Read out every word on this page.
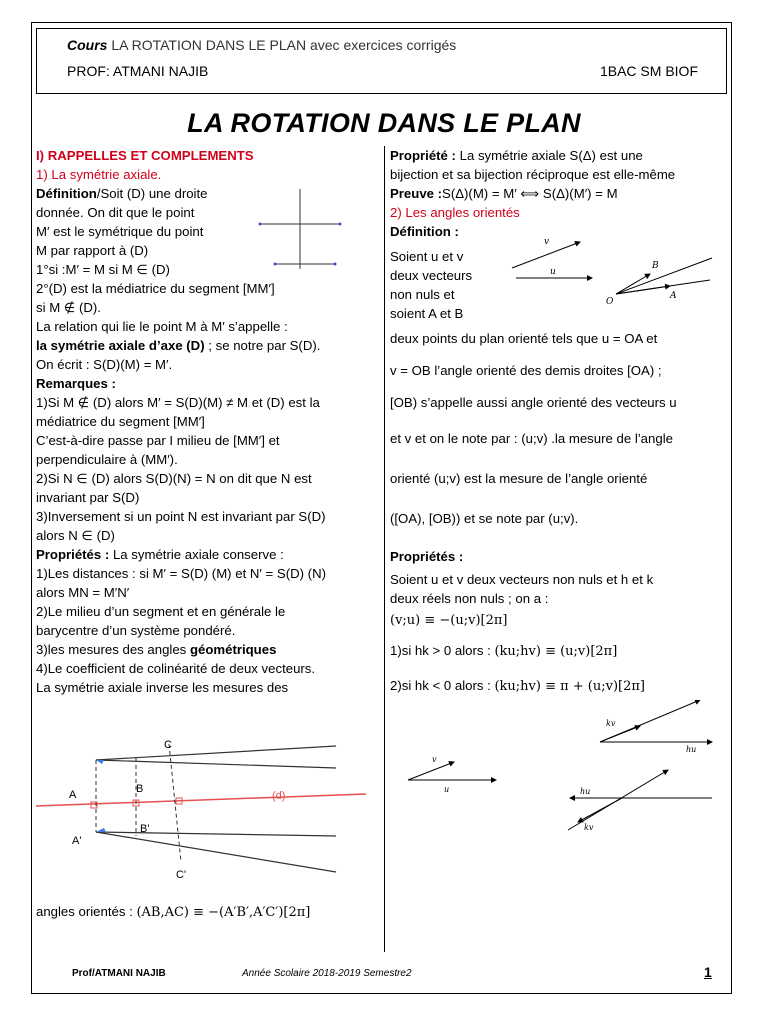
Cours LA ROTATION DANS LE PLAN avec exercices corrigés
PROF: ATMANI NAJIB	1BAC SM BIOF
LA ROTATION DANS LE PLAN

I) RAPPELLES ET COMPLEMENTS

1) La symétrie axiale.

Définition/Soit (D) une droite

donnée. On dit que le point

M′ est le symétrique du point

M par rapport à (D)

1°si :M′ = M si M ∈ (D)

2°(D) est la médiatrice du segment [MM′]

si M ∉ (D).

La relation qui lie le point M à M′ s’appelle :

la symétrie axiale d’axe (D) ; se notre par S(D).

On écrit : S(D)(M) = M′.

Remarques :

1)Si M ∉ (D) alors M′ = S(D)(M) ≠ M et (D) est la

médiatrice du segment [MM′]

C’est-à-dire passe par I milieu de [MM′] et

perpendiculaire à (MM′).

2)Si N ∈ (D) alors S(D)(N) = N on dit que N est

invariant par S(D)

3)Inversement si un point N est invariant par S(D)

alors N ∈ (D)

Propriétés : La symétrie axiale conserve :

1)Les distances : si M′ = S(D) (M) et N′ = S(D) (N)

alors MN = M′N′

2)Le milieu d’un segment et en générale le

barycentre d’un système pondéré.

3)les mesures des angles géométriques

4)Le coefficient de colinéarité de deux vecteurs.

La symétrie axiale inverse les mesures des

C
A	B
(d)
A'
B'
C'
angles orientés : (AB,AC) ≡ −(A′B′,A′C′)[2π]

Propriété : La symétrie axiale S(Δ) est une

bijection et sa bijection réciproque est elle-même

Preuve :S(Δ)(M) = M′ ⟺ S(Δ)(M′) = M

2) Les angles orientés

Définition :

Soient u et v

deux vecteurs

non nuls et

soient A et B

deux points du plan orienté tels que u = OA et

v = OB l’angle orienté des demis droites [OA) ;

[OB) s’appelle aussi angle orienté des vecteurs u

et v et on le note par : (u;v) .la mesure de l’angle

orienté (u;v) est la mesure de l’angle orienté

([OA), [OB)) et se note par (u;v).

Propriétés :

Soient u et v deux vecteurs non nuls et h et k

deux réels non nuls ; on a :

(v;u) ≡ −(u;v)[2π]

1)si hk > 0 alors : (ku;hv) ≡ (u;v)[2π]

2)si hk < 0 alors : (ku;hv) ≡ π + (u;v)[2π]

v
u
B
O
A
v
u
kv
hu
hu
kv
Prof/ATMANI NAJIB	Année Scolaire 2018-2019 Semestre2	1
